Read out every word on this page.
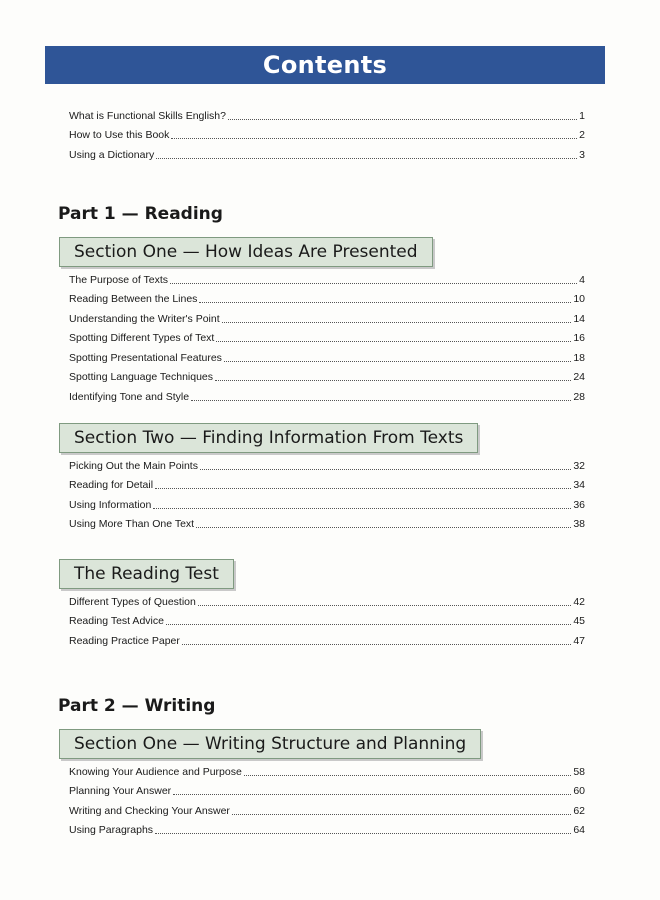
Contents
What is Functional Skills English?	1
How to Use this Book	2
Using a Dictionary	3
Part 1 — Reading
Section One — How Ideas Are Presented
The Purpose of Texts	4
Reading Between the Lines	10
Understanding the Writer's Point	14
Spotting Different Types of Text	16
Spotting Presentational Features	18
Spotting Language Techniques	24
Identifying Tone and Style	28
Section Two — Finding Information From Texts
Picking Out the Main Points	32
Reading for Detail	34
Using Information	36
Using More Than One Text	38
The Reading Test
Different Types of Question	42
Reading Test Advice	45
Reading Practice Paper	47
Part 2 — Writing
Section One — Writing Structure and Planning
Knowing Your Audience and Purpose	58
Planning Your Answer	60
Writing and Checking Your Answer	62
Using Paragraphs	64
